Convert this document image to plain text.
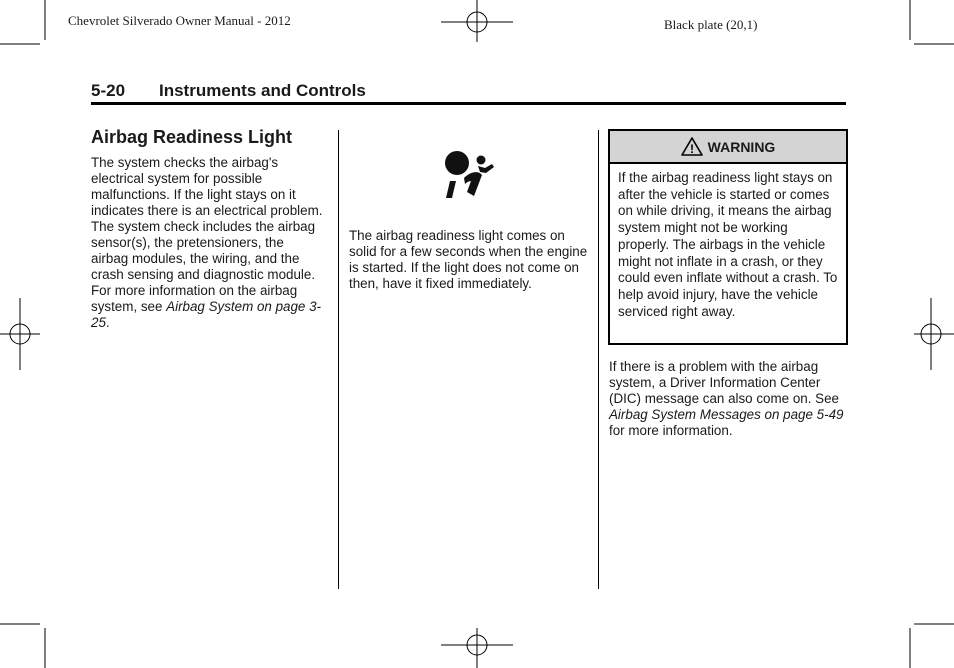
Chevrolet Silverado Owner Manual - 2012	Black plate (20,1)
5-20 Instruments and Controls
Airbag Readiness Light
The system checks the airbag's electrical system for possible malfunctions. If the light stays on it indicates there is an electrical problem. The system check includes the airbag sensor(s), the pretensioners, the airbag modules, the wiring, and the crash sensing and diagnostic module. For more information on the airbag system, see Airbag System on page 3-25.
The airbag readiness light comes on solid for a few seconds when the engine is started. If the light does not come on then, have it fixed immediately.
! WARNING
If the airbag readiness light stays on after the vehicle is started or comes on while driving, it means the airbag system might not be working properly. The airbags in the vehicle might not inflate in a crash, or they could even inflate without a crash. To help avoid injury, have the vehicle serviced right away.
If there is a problem with the airbag system, a Driver Information Center (DIC) message can also come on. See Airbag System Messages on page 5-49 for more information.
